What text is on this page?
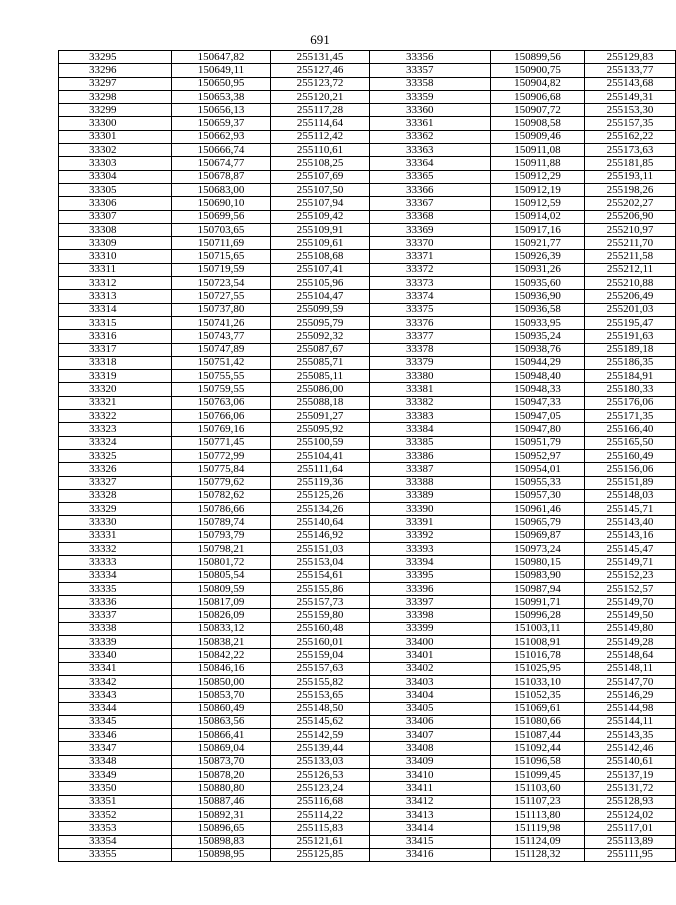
691
33295	150647,82	255131,45	33356	150899,56	255129,83
33296	150649,11	255127,46	33357	150900,75	255133,77
33297	150650,95	255123,72	33358	150904,82	255143,68
33298	150653,38	255120,21	33359	150906,68	255149,31
33299	150656,13	255117,28	33360	150907,72	255153,30
33300	150659,37	255114,64	33361	150908,58	255157,35
33301	150662,93	255112,42	33362	150909,46	255162,22
33302	150666,74	255110,61	33363	150911,08	255173,63
33303	150674,77	255108,25	33364	150911,88	255181,85
33304	150678,87	255107,69	33365	150912,29	255193,11
33305	150683,00	255107,50	33366	150912,19	255198,26
33306	150690,10	255107,94	33367	150912,59	255202,27
33307	150699,56	255109,42	33368	150914,02	255206,90
33308	150703,65	255109,91	33369	150917,16	255210,97
33309	150711,69	255109,61	33370	150921,77	255211,70
33310	150715,65	255108,68	33371	150926,39	255211,58
33311	150719,59	255107,41	33372	150931,26	255212,11
33312	150723,54	255105,96	33373	150935,60	255210,88
33313	150727,55	255104,47	33374	150936,90	255206,49
33314	150737,80	255099,59	33375	150936,58	255201,03
33315	150741,26	255095,79	33376	150933,95	255195,47
33316	150743,77	255092,32	33377	150935,24	255191,63
33317	150747,89	255087,67	33378	150938,76	255189,18
33318	150751,42	255085,71	33379	150944,29	255186,35
33319	150755,55	255085,11	33380	150948,40	255184,91
33320	150759,55	255086,00	33381	150948,33	255180,33
33321	150763,06	255088,18	33382	150947,33	255176,06
33322	150766,06	255091,27	33383	150947,05	255171,35
33323	150769,16	255095,92	33384	150947,80	255166,40
33324	150771,45	255100,59	33385	150951,79	255165,50
33325	150772,99	255104,41	33386	150952,97	255160,49
33326	150775,84	255111,64	33387	150954,01	255156,06
33327	150779,62	255119,36	33388	150955,33	255151,89
33328	150782,62	255125,26	33389	150957,30	255148,03
33329	150786,66	255134,26	33390	150961,46	255145,71
33330	150789,74	255140,64	33391	150965,79	255143,40
33331	150793,79	255146,92	33392	150969,87	255143,16
33332	150798,21	255151,03	33393	150973,24	255145,47
33333	150801,72	255153,04	33394	150980,15	255149,71
33334	150805,54	255154,61	33395	150983,90	255152,23
33335	150809,59	255155,86	33396	150987,94	255152,57
33336	150817,09	255157,73	33397	150991,71	255149,70
33337	150826,09	255159,80	33398	150996,28	255149,50
33338	150833,12	255160,48	33399	151003,11	255149,80
33339	150838,21	255160,01	33400	151008,91	255149,28
33340	150842,22	255159,04	33401	151016,78	255148,64
33341	150846,16	255157,63	33402	151025,95	255148,11
33342	150850,00	255155,82	33403	151033,10	255147,70
33343	150853,70	255153,65	33404	151052,35	255146,29
33344	150860,49	255148,50	33405	151069,61	255144,98
33345	150863,56	255145,62	33406	151080,66	255144,11
33346	150866,41	255142,59	33407	151087,44	255143,35
33347	150869,04	255139,44	33408	151092,44	255142,46
33348	150873,70	255133,03	33409	151096,58	255140,61
33349	150878,20	255126,53	33410	151099,45	255137,19
33350	150880,80	255123,24	33411	151103,60	255131,72
33351	150887,46	255116,68	33412	151107,23	255128,93
33352	150892,31	255114,22	33413	151113,80	255124,02
33353	150896,65	255115,83	33414	151119,98	255117,01
33354	150898,83	255121,61	33415	151124,09	255113,89
33355	150898,95	255125,85	33416	151128,32	255111,95
